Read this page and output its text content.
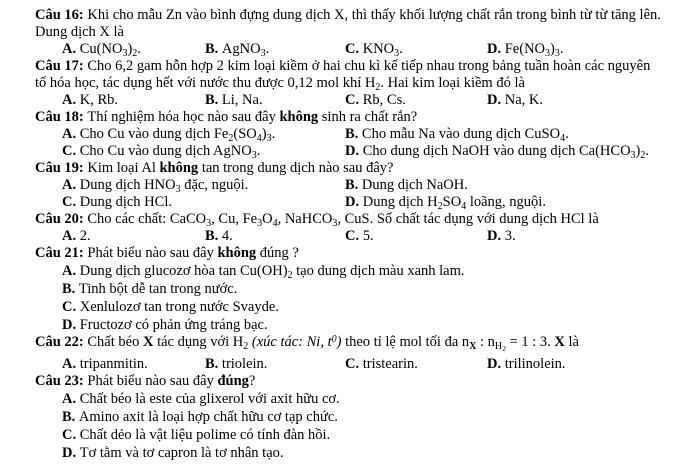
Câu 16: Khi cho mẫu Zn vào bình đựng dung dịch X, thì thấy khối lượng chất rắn trong bình từ từ tăng lên.
Dung dịch X là
A. $Cu(NO_3)_2$.	B. AgNO$_3$.	C. $KNO_3$.	D. $Fe(NO_3)_3$.
Câu 17: Cho 6,2 gam hỗn hợp 2 kim loại kiềm ở hai chu kì kế tiếp nhau trong bảng tuần hoàn các nguyên
tố hóa học, tác dụng hết với nước thu được 0,12 mol khí $H_2$. Hai kim loại kiềm đó là
A. K, Rb.	B. Li, Na.	C. Rb, Cs.	D. Na, K.
Câu 18: Thí nghiệm hóa học nào sau đây không sinh ra chất rắn?
A. Cho Cu vào dung dịch $Fe_2(SO_4)_3$.	B. Cho mẫu Na vào dung dịch CuSO$_4$.
C. Cho Cu vào dung dịch AgNO$_3$.	D. Cho dung dịch NaOH vào dung dịch $Ca(HCO_3)_2$.
Câu 19: Kim loại Al không tan trong dung dịch nào sau đây?
A. Dung dịch $HNO_3$ đặc, nguội.	B. Dung dịch NaOH.
C. Dung dịch HCl.	D. Dung dịch $H_2SO_4$ loãng, nguội.
Câu 20: Cho các chất: CaCO$_3$, Cu, $Fe_3O_4$, NaHCO$_3$, CuS. Số chất tác dụng với dung dịch HCl là
A. 2.	B. 4.	C. 5.	D. 3.
Câu 21: Phát biểu nào sau đây không đúng ?
A. Dung dịch glucozơ hòa $\tan Cu(OH)_2$ tạo dung dịch màu xanh lam.
B. Tinh bột dễ tan trong nước.
C. Xenlulozơ tan trong nước Svayde.
D. Fructozơ có phản ứng tráng bạc.
Câu 22: Chất béo X tác dụng với $H_2$ (xúc tác: Ni, $t^0$) theo tỉ lệ mol tối đa $n_X$ : $n_{H2} = 1$ : 3. X là
A. tripanmitin.	B. triolein.	C. tristearin.	D. trilinolein.
Câu 23: Phát biểu nào sau đây đúng?
A. Chất béo là este của glixerol với axit hữu cơ.
B. Amino axit là loại hợp chất hữu cơ tạp chức.
C. Chất dẻo là vật liệu polime có tính đàn hồi.
D. Tơ tằm và tơ capron là tơ nhân tạo.
